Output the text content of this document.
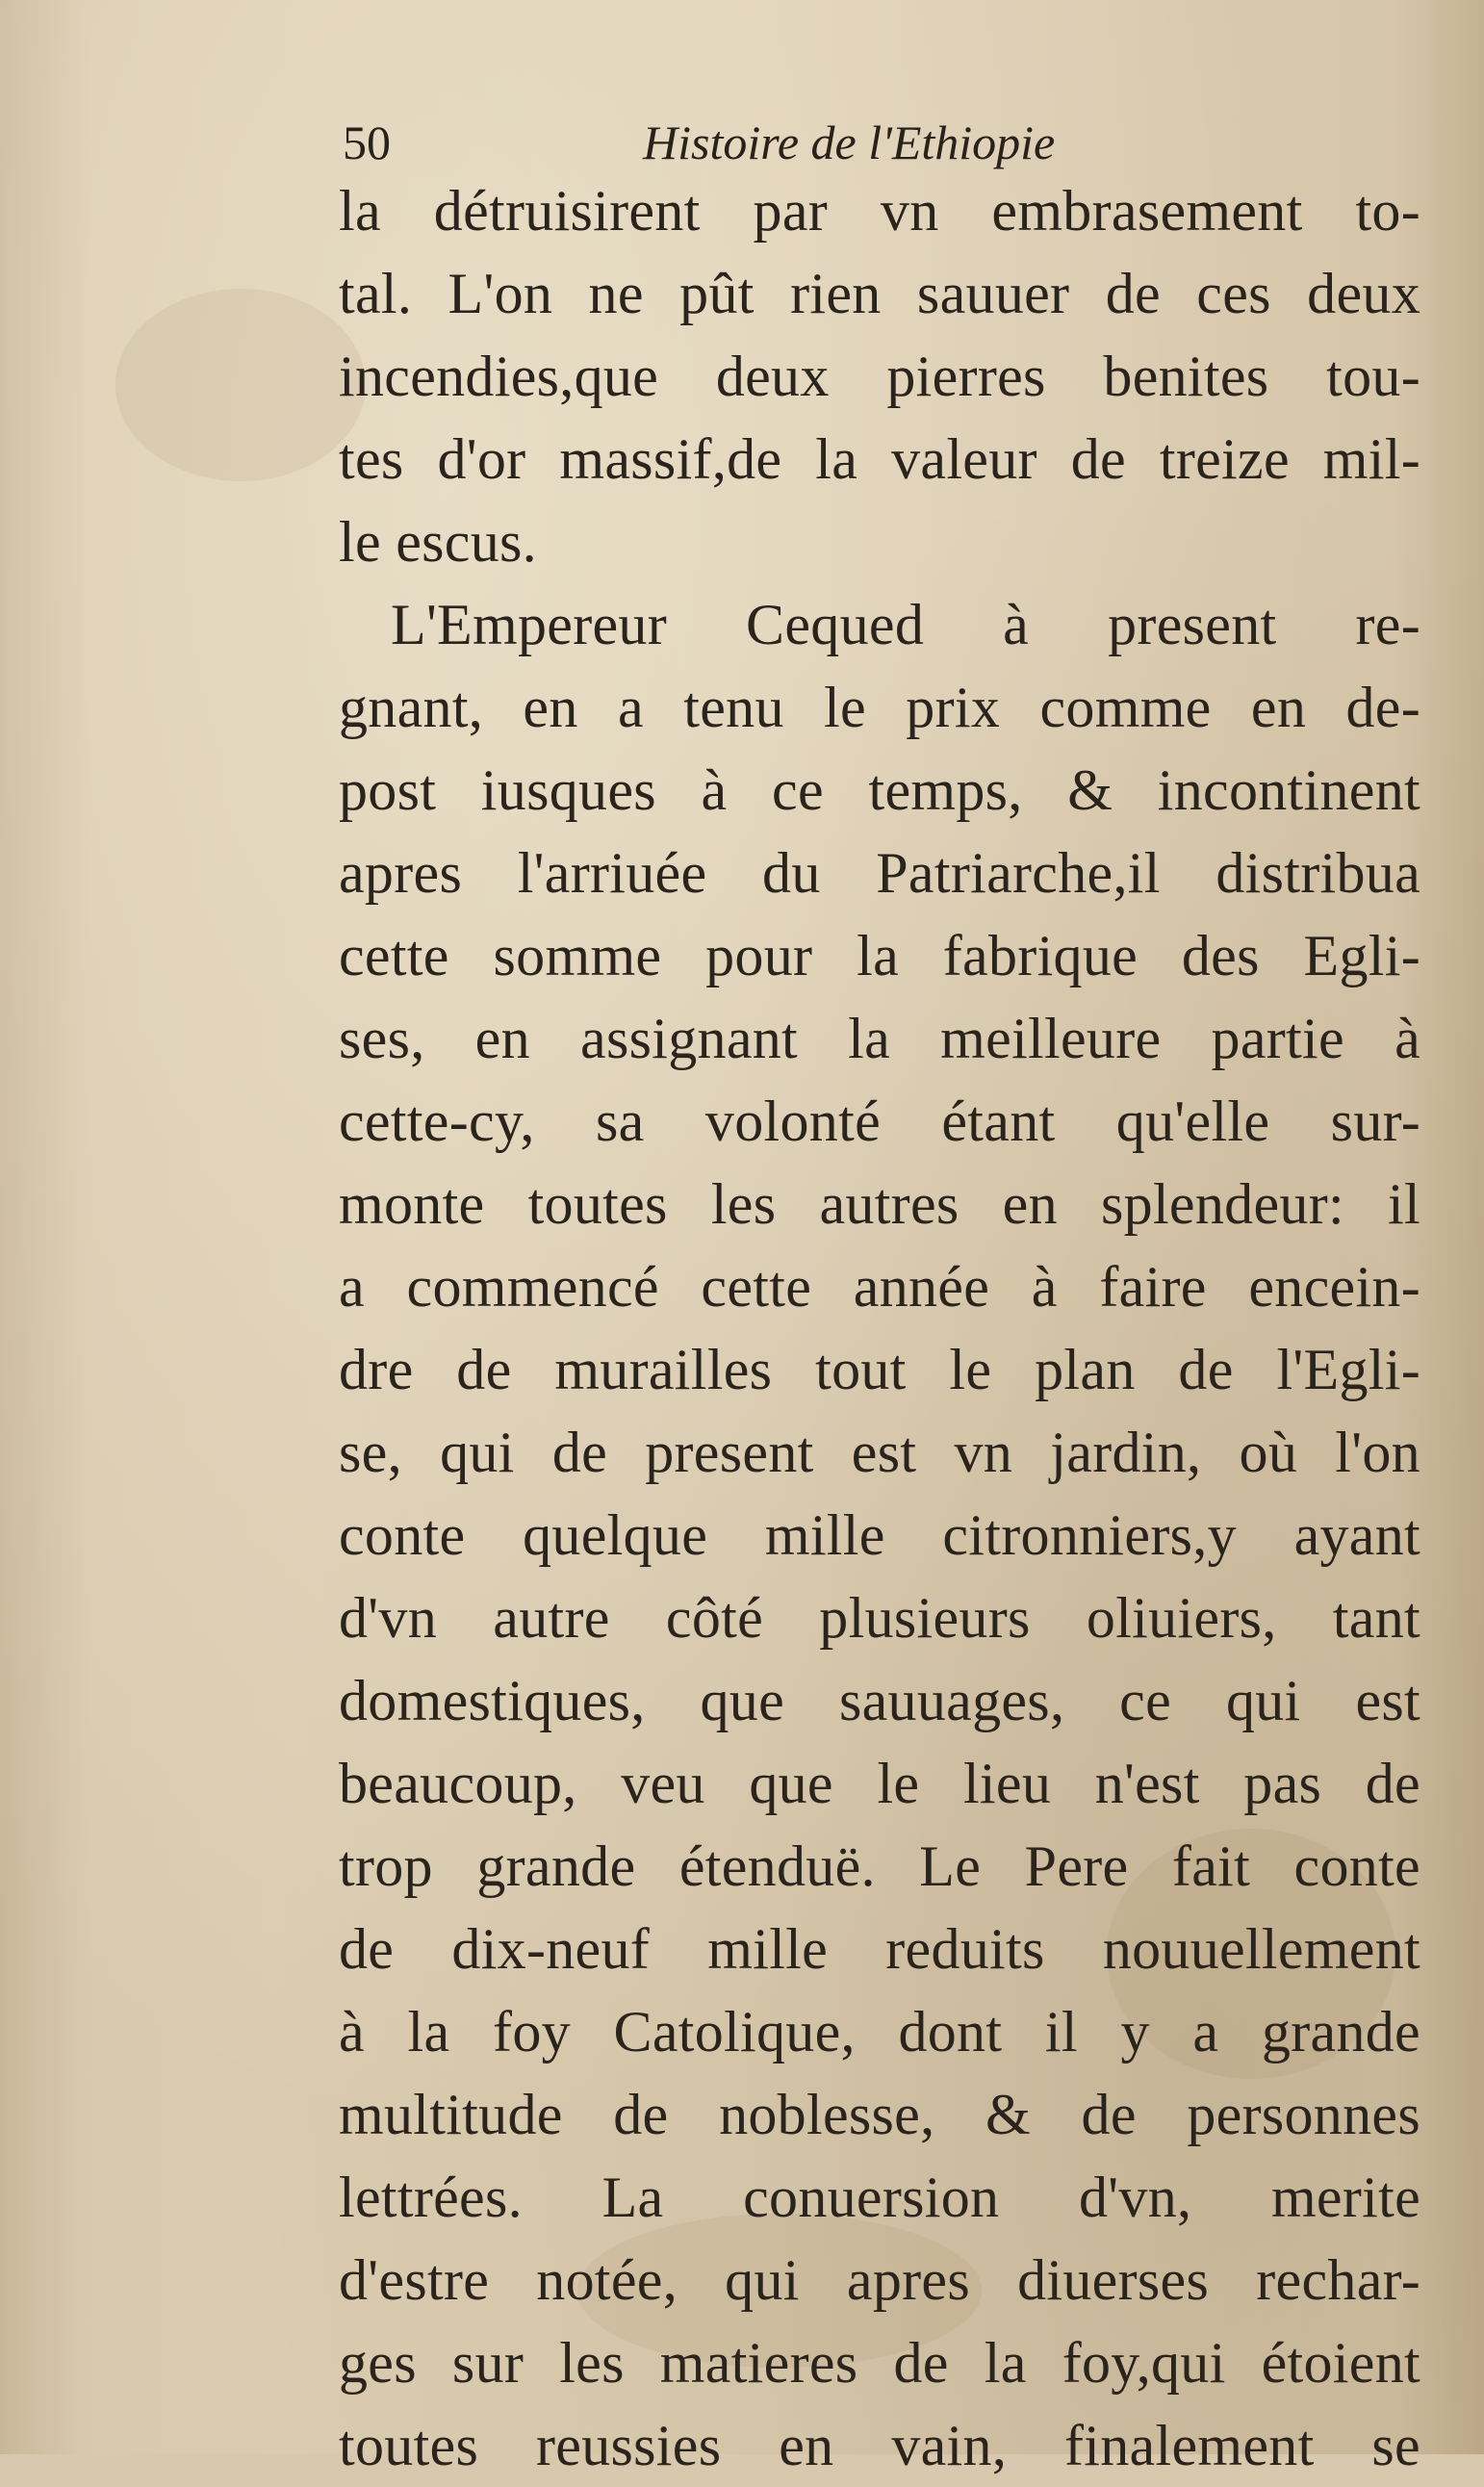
50	Histoire de l'Ethiopie
la détruisirent par vn embrasement to-
tal. L'on ne pût rien sauuer de ces deux
incendies,que deux pierres benites tou-
tes d'or massif,de la valeur de treize mil-
le escus.
L'Empereur Cequed à present re-
gnant, en a tenu le prix comme en de-
post iusques à ce temps, & incontinent
apres l'arriuée du Patriarche,il distribua
cette somme pour la fabrique des Egli-
ses, en assignant la meilleure partie à
cette-cy, sa volonté étant qu'elle sur-
monte toutes les autres en splendeur: il
a commencé cette année à faire encein-
dre de murailles tout le plan de l'Egli-
se, qui de present est vn jardin, où l'on
conte quelque mille citronniers,y ayant
d'vn autre côté plusieurs oliuiers, tant
domestiques, que sauuages, ce qui est
beaucoup, veu que le lieu n'est pas de
trop grande étenduë. Le Pere fait conte
de dix-neuf mille reduits nouuellement
à la foy Catolique, dont il y a grande
multitude de noblesse, & de personnes
lettrées. La conuersion d'vn, merite
d'estre notée, qui apres diuerses rechar-
ges sur les matieres de la foy,qui étoient
toutes reussies en vain, finalement se
